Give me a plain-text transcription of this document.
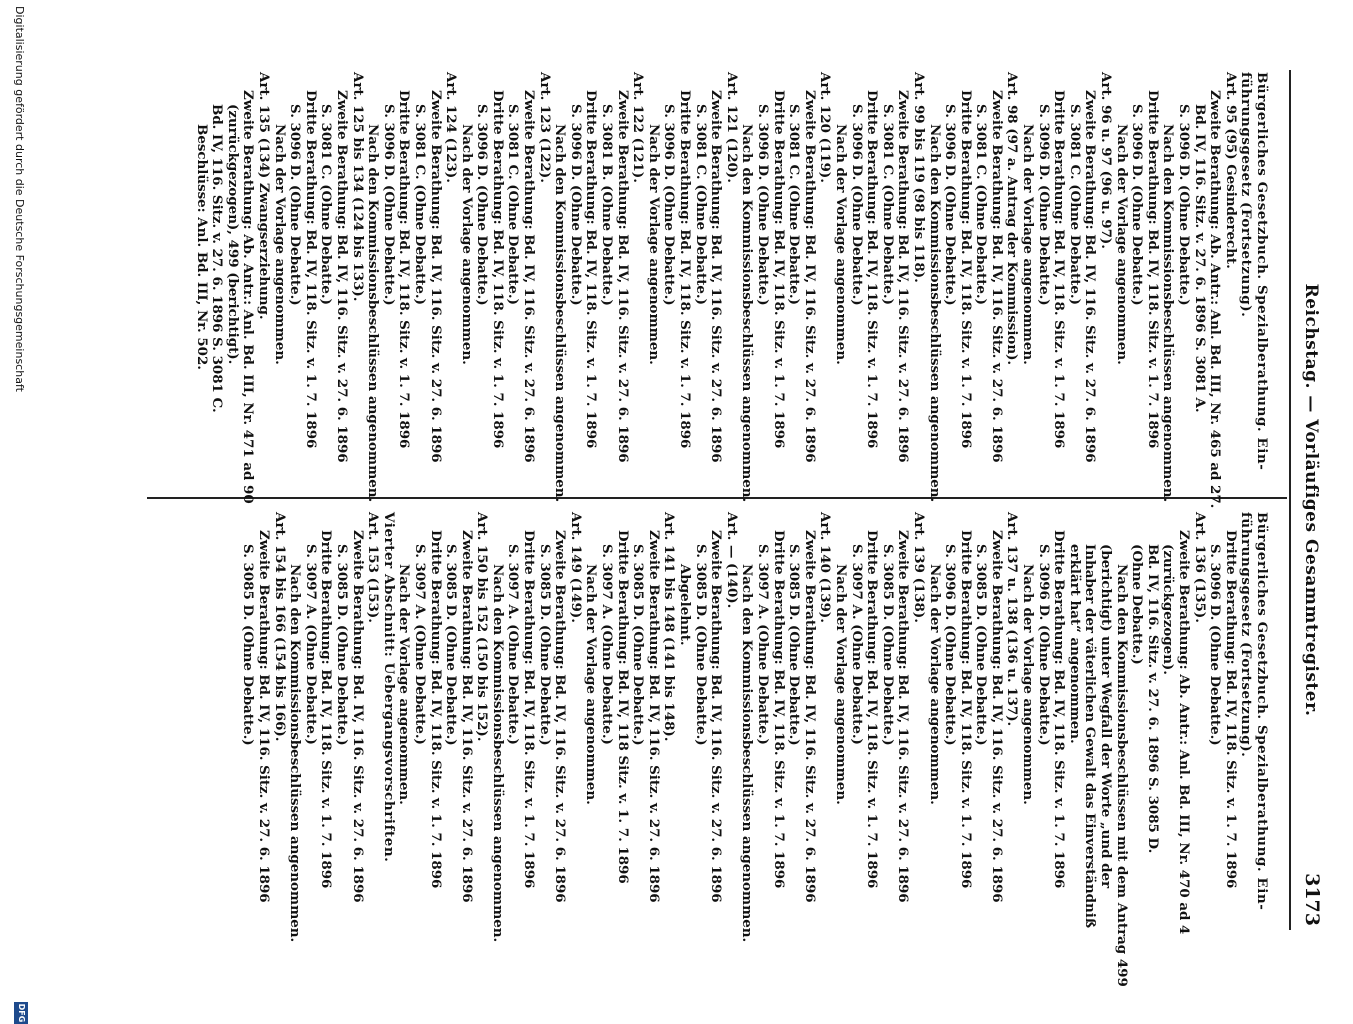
Reichstag. — Vorläufiges Gesammtregister.
3173
Bürgerliches Gesetzbuch. Spezialberathung. Ein-
führungsgesetz (Fortsetzung).
Art. 95 (95) Gesinderecht.
Zweite Berathung: Ab. Antr.: Anl. Bd. III, Nr. 465 ad 27.
Bd. IV, 116. Sitz. v. 27. 6. 1896 S. 3081 A.
S. 3096 D. (Ohne Debatte.)
Nach den Kommissionsbeschlüssen angenommen.
Dritte Berathung: Bd. IV, 118. Sitz. v. 1. 7. 1896
S. 3096 D. (Ohne Debatte.)
Nach der Vorlage angenommen.
Art. 96 u. 97 (96 u. 97).
Zweite Berathung: Bd. IV, 116. Sitz. v. 27. 6. 1896
S. 3081 C. (Ohne Debatte.)
Dritte Berathung: Bd. IV, 118. Sitz. v. 1. 7. 1896
S. 3096 D. (Ohne Debatte.)
Nach der Vorlage angenommen.
Art. 98 (97 a. Antrag der Kommission).
Zweite Berathung: Bd. IV, 116. Sitz. v. 27. 6. 1896
S. 3081 C. (Ohne Debatte.)
Dritte Berathung: Bd. IV, 118. Sitz. v. 1. 7. 1896
S. 3096 D. (Ohne Debatte.)
Nach den Kommissionsbeschlüssen angenommen.
Art. 99 bis 119 (98 bis 118).
Zweite Berathung: Bd. IV, 116. Sitz. v. 27. 6. 1896
S. 3081 C. (Ohne Debatte.)
Dritte Berathung: Bd. IV, 118. Sitz. v. 1. 7. 1896
S. 3096 D. (Ohne Debatte.)
Nach der Vorlage angenommen.
Art. 120 (119).
Zweite Berathung: Bd. IV, 116. Sitz. v. 27. 6. 1896
S. 3081 C. (Ohne Debatte.)
Dritte Berathung: Bd. IV, 118. Sitz. v. 1. 7. 1896
S. 3096 D. (Ohne Debatte.)
Nach den Kommissionsbeschlüssen angenommen.
Art. 121 (120).
Zweite Berathung: Bd. IV, 116. Sitz. v. 27. 6. 1896
S. 3081 C. (Ohne Debatte.)
Dritte Berathung: Bd. IV, 118. Sitz. v. 1. 7. 1896
S. 3096 D. (Ohne Debatte.)
Nach der Vorlage angenommen.
Art. 122 (121).
Zweite Berathung: Bd. IV, 116. Sitz. v. 27. 6. 1896
S. 3081 B. (Ohne Debatte.)
Dritte Berathung: Bd. IV, 118. Sitz. v. 1. 7. 1896
S. 3096 D. (Ohne Debatte.)
Nach den Kommissionsbeschlüssen angenommen.
Art. 123 (122).
Zweite Berathung: Bd. IV, 116. Sitz. v. 27. 6. 1896
S. 3081 C. (Ohne Debatte.)
Dritte Berathung: Bd. IV, 118. Sitz. v. 1. 7. 1896
S. 3096 D. (Ohne Debatte.)
Nach der Vorlage angenommen.
Art. 124 (123).
Zweite Berathung: Bd. IV, 116. Sitz. v. 27. 6. 1896
S. 3081 C. (Ohne Debatte.)
Dritte Berathung: Bd. IV, 118. Sitz. v. 1. 7. 1896
S. 3096 D. (Ohne Debatte.)
Nach den Kommissionsbeschlüssen angenommen.
Art. 125 bis 134 (124 bis 133).
Zweite Berathung: Bd. IV, 116. Sitz. v. 27. 6. 1896
S. 3081 C. (Ohne Debatte.)
Dritte Berathung: Bd. IV, 118. Sitz. v. 1. 7. 1896
S. 3096 D. (Ohne Debatte.)
Nach der Vorlage angenommen.
Art. 135 (134) Zwangserziehung.
Zweite Berathung: Ab. Antr.: Anl. Bd. III, Nr. 471 ad 90
(zurückgezogen), 499 (berichtigt).
Bd. IV, 116. Sitz. v. 27. 6. 1896 S. 3081 C.
Beschlüsse: Anl. Bd. III, Nr. 502.
Bürgerliches Gesetzbuch. Spezialberathung. Ein-
führungsgesetz (Fortsetzung).
Dritte Berathung: Bd. IV, 118. Sitz. v. 1. 7. 1896
S. 3096 D. (Ohne Debatte.)
Art. 136 (135).
Zweite Berathung: Ab. Antr.: Anl. Bd. III, Nr. 470 ad 4
(zurückgezogen).
Bd. IV, 116. Sitz. v. 27. 6. 1896 S. 3085 D.
(Ohne Debatte.)
Nach den Kommissionsbeschlüssen mit dem Antrag 499
(berichtigt) unter Wegfall der Worte „und der
Inhaber der väterlichen Gewalt das Einverständniß
erklärt hat“ angenommen.
Dritte Berathung: Bd. IV, 118. Sitz. v. 1. 7. 1896
S. 3096 D. (Ohne Debatte.)
Nach der Vorlage angenommen.
Art. 137 u. 138 (136 u. 137).
Zweite Berathung: Bd. IV, 116. Sitz. v. 27. 6. 1896
S. 3085 D. (Ohne Debatte.)
Dritte Berathung: Bd. IV, 118. Sitz. v. 1. 7. 1896
S. 3096 D. (Ohne Debatte.)
Nach der Vorlage angenommen.
Art. 139 (138).
Zweite Berathung: Bd. IV, 116. Sitz. v. 27. 6. 1896
S. 3085 D. (Ohne Debatte.)
Dritte Berathung: Bd. IV, 118. Sitz. v. 1. 7. 1896
S. 3097 A. (Ohne Debatte.)
Nach der Vorlage angenommen.
Art. 140 (139).
Zweite Berathung: Bd. IV, 116. Sitz. v. 27. 6. 1896
S. 3085 D. (Ohne Debatte.)
Dritte Berathung: Bd. IV, 118. Sitz. v. 1. 7. 1896
S. 3097 A. (Ohne Debatte.)
Nach den Kommissionsbeschlüssen angenommen.
Art. — (140).
Zweite Berathung: Bd. IV, 116. Sitz. v. 27. 6. 1896
S. 3085 D. (Ohne Debatte.)
Abgelehnt.
Art. 141 bis 148 (141 bis 148).
Zweite Berathung: Bd. IV, 116. Sitz. v. 27. 6. 1896
S. 3085 D. (Ohne Debatte.)
Dritte Berathung: Bd. IV, 118 Sitz. v. 1. 7. 1896
S. 3097 A. (Ohne Debatte.)
Nach der Vorlage angenommen.
Art. 149 (149).
Zweite Berathung: Bd. IV, 116. Sitz. v. 27. 6. 1896
S. 3085 D. (Ohne Debatte.)
Dritte Berathung: Bd. IV, 118. Sitz. v. 1. 7. 1896
S. 3097 A. (Ohne Debatte.)
Nach den Kommissionsbeschlüssen angenommen.
Art. 150 bis 152 (150 bis 152).
Zweite Berathung: Bd. IV, 116. Sitz. v. 27. 6. 1896
S. 3085 D. (Ohne Debatte.)
Dritte Berathung: Bd. IV, 118. Sitz. v. 1. 7. 1896
S. 3097 A. (Ohne Debatte.)
Nach der Vorlage angenommen.
Vierter Abschnitt: Uebergangsvorschriften.
Art. 153 (153).
Zweite Berathung: Bd. IV, 116. Sitz. v. 27. 6. 1896
S. 3085 D. (Ohne Debatte.)
Dritte Berathung: Bd. IV, 118. Sitz. v. 1. 7. 1896
S. 3097 A. (Ohne Debatte.)
Nach den Kommissionsbeschlüssen angenommen.
Art. 154 bis 166 (154 bis 166).
Zweite Berathung: Bd. IV, 116. Sitz. v. 27. 6. 1896
S. 3085 D. (Ohne Debatte.)
Digitalisierung gefördert durch die Deutsche Forschungsgemeinschaft
DFG
